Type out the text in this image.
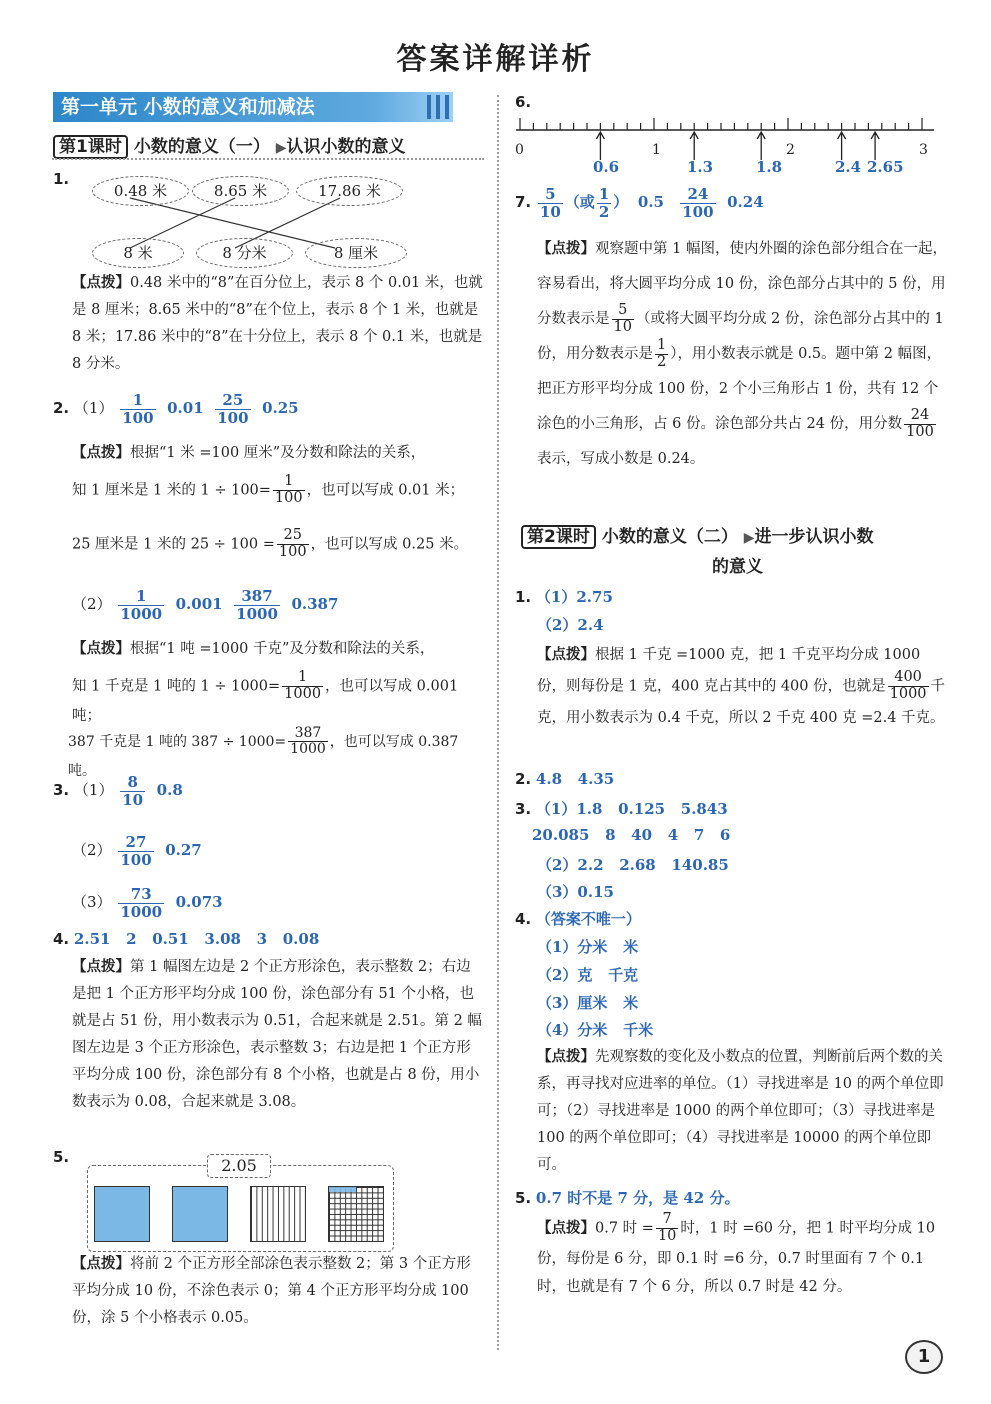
答案详解详析
第一单元 小数的意义和加减法
第1课时 小数的意义（一） ▶认识小数的意义
1.
0.48 米	8.65 米	17.86 米
8 米	8 分米	8 厘米
【点拨】0.48 米中的“8”在百分位上，表示 8 个 0.01 米，也就是 8 厘米；8.65 米中的“8”在个位上，表示 8 个 1 米，也就是 8 米；17.86 米中的“8”在十分位上，表示 8 个 0.1 米，也就是 8 分米。
2. $(1) \frac{1}{100} 0.01 \frac{25}{100} 0.25$
【点拨】根据“1 米 =100 厘米”及分数和除法的关系，
知 1 厘米是 1 米的 $1 \div 100= \frac{1}{100}$ ，也可以写成 0.01 米；
25 厘米是 1 米的 $25 \div 100 = \frac{25}{100}$ ，也可以写成 0.25 米。
$(2) \frac{1}{1000} 0.001 \frac{387}{1000} 0.387$
【点拨】根据“1 吨 =1000 千克”及分数和除法的关系，
知 1 千克是 1 吨的 $1 \div 1000= \frac{1}{1000}$ ，也可以写成 0.001 吨；
387 千克是 1 吨的 $387 \div 1000= \frac{387}{1000}$ ，也可以写成 0.387 吨。
3. $(1) \frac{8}{10} 0.8$
$(2) \frac{27}{100} 0.27$
$(3) \frac{73}{1000} 0.073$
4. 2.51   2   0.51   3.08   3   0.08
【点拨】第 1 幅图左边是 2 个正方形涂色，表示整数 2；右边是把 1 个正方形平均分成 100 份，涂色部分有 51 个小格，也就是占 51 份，用小数表示为 0.51，合起来就是 2.51。第 2 幅图左边是 3 个正方形涂色，表示整数 3；右边是把 1 个正方形平均分成 100 份，涂色部分有 8 个小格，也就是占 8 份，用小数表示为 0.08，合起来就是 3.08。
5.	2.05
【点拨】将前 2 个正方形全部涂色表示整数 2；第 3 个正方形平均分成 10 份，不涂色表示 0；第 4 个正方形平均分成 100 份，涂 5 个小格表示 0.05。
6.
0	1	2	3
0.6	1.3	1.8	2.4 2.65
7. $\frac{5}{10}$ （或 $\frac{1}{2}$ ） $0.5 \frac{24}{100} 0.24$
【点拨】观察题中第 1 幅图，使内外圈的涂色部分组合在一起，容易看出，将大圆平均分成 10 份，涂色部分占其中的 5 份，用分数表示是 $\frac{5}{10}$ （或将大圆平均分成 2 份，涂色部分占其中的 1 份，用分数表示是 $\frac{1}{2}$ ），用小数表示就是 0.5。题中第 2 幅图，把正方形平均分成 100 份，2 个小三角形占 1 份，共有 12 个涂色的小三角形，占 6 份。涂色部分共占 24 份，用分数 $\frac{24}{100}$
表示，写成小数是 0.24。
第2课时 小数的意义（二） ▶进一步认识小数
的意义
1. （1）2.75
（2）2.4
【点拨】根据 1 千克 =1000 克，把 1 千克平均分成 1000 份，则每份是 1 克，400 克占其中的 400 份，也就是 $\frac{400}{1000}$ 千克，用小数表示为 0.4 千克，所以 2 千克 400 克 =2.4 千克。
2. 4.8   4.35
3. （1）1.8   0.125   5.843
20.085   8   40   4   7   6
（2）2.2   2.68   140.85
（3）0.15
4. （答案不唯一）
（1）分米   米
（2）克   千克
（3）厘米   米
（4）分米   千米
【点拨】先观察数的变化及小数点的位置，判断前后两个数的关系，再寻找对应进率的单位。（1）寻找进率是 10 的两个单位即可；（2）寻找进率是 1000 的两个单位即可；（3）寻找进率是 100 的两个单位即可；（4）寻找进率是 10000 的两个单位即可。
5. 0.7 时不是 7 分，是 42 分。
【点拨】0.7 时 = $\frac{7}{10}$ 时，1 时 =60 分，把 1 时平均分成 10 份，每份是 6 分，即 0.1 时 =6 分，0.7 时里面有 7 个 0.1 时，也就是有 7 个 6 分，所以 0.7 时是 42 分。
1
